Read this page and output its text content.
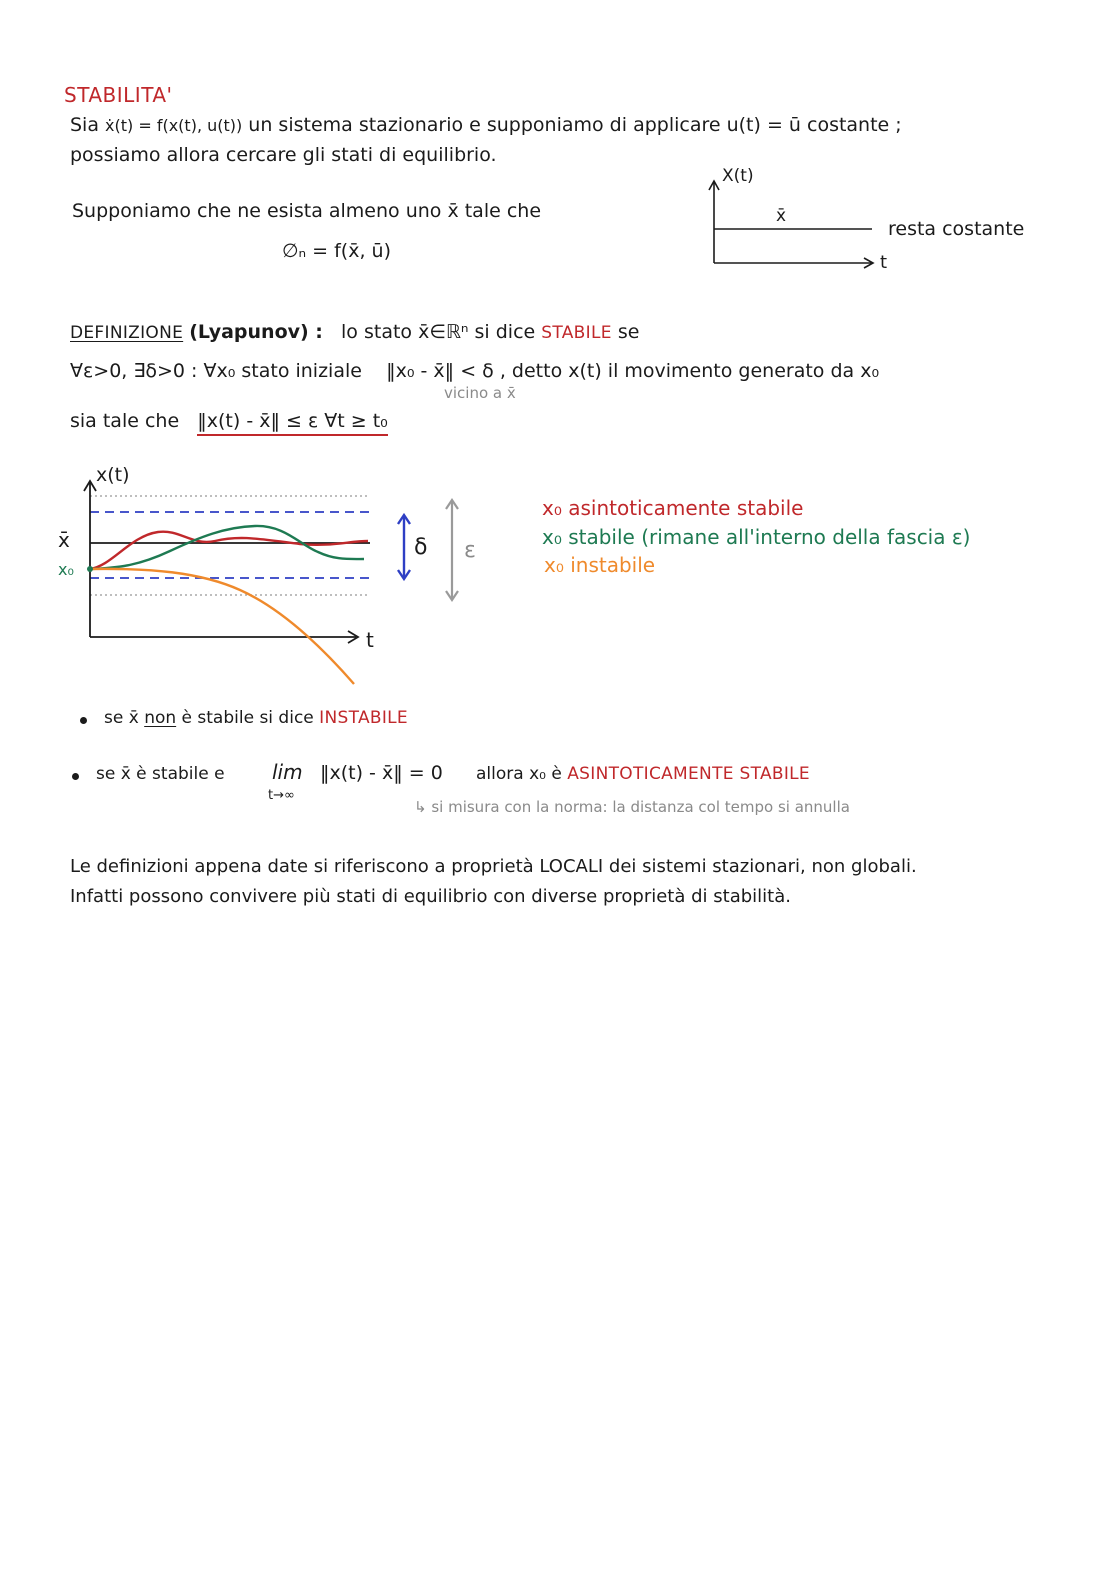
STABILITA'
Sia ẋ(t) = f(x(t), u(t)) un sistema stazionario e supponiamo di applicare u(t) = ū costante ;
possiamo allora cercare gli stati di equilibrio.
Supponiamo che ne esista almeno uno x̄ tale che
∅ₙ = f(x̄, ū)
X(t)
x̄
t
resta costante
DEFINIZIONE (Lyapunov) : lo stato x̄∈ℝⁿ si dice STABILE se
∀ε>0, ∃δ>0 : ∀x₀ stato iniziale ‖x₀ - x̄‖ < δ , detto x(t) il movimento generato da x₀
vicino a x̄
sia tale che ‖x(t) - x̄‖ ≤ ε ∀t ≥ t₀
x(t)
x̄
x₀
t
δ ε
x₀ asintoticamente stabile
x₀ stabile (rimane all'interno della fascia ε)
x₀ instabile
se x̄ non è stabile si dice INSTABILE
se x̄ è stabile e lim
t→∞
‖x(t) - x̄‖ = 0 allora x₀ è ASINTOTICAMENTE STABILE
↳ si misura con la norma: la distanza col tempo si annulla
Le definizioni appena date si riferiscono a proprietà LOCALI dei sistemi stazionari, non globali.
Infatti possono convivere più stati di equilibrio con diverse proprietà di stabilità.
